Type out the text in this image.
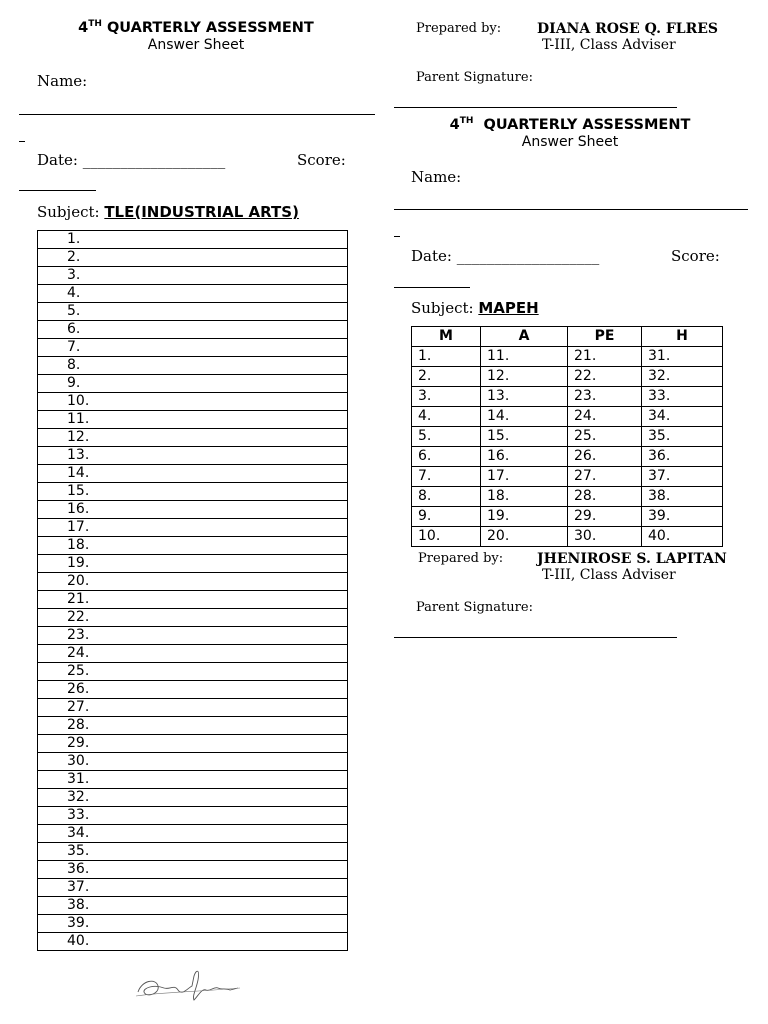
4TH QUARTERLY ASSESSMENT
Answer Sheet
Name:
Date: ___________________	Score:
Subject: TLE(INDUSTRIAL ARTS)
1.
2.
3.
4.
5.
6.
7.
8.
9.
10.
11.
12.
13.
14.
15.
16.
17.
18.
19.
20.
21.
22.
23.
24.
25.
26.
27.
28.
29.
30.
31.
32.
33.
34.
35.
36.
37.
38.
39.
40.
Prepared by:	DIANA ROSE Q. FLRES
T-III, Class Adviser
Parent Signature:
4TH  QUARTERLY ASSESSMENT
Answer Sheet
Name:
Date: ___________________	Score:
Subject: MAPEH
M	A	PE	H
1.	11.	21.	31.
2.	12.	22.	32.
3.	13.	23.	33.
4.	14.	24.	34.
5.	15.	25.	35.
6.	16.	26.	36.
7.	17.	27.	37.
8.	18.	28.	38.
9.	19.	29.	39.
10.	20.	30.	40.
Prepared by: JHENIROSE S. LAPITAN
T-III, Class Adviser
Parent Signature:
